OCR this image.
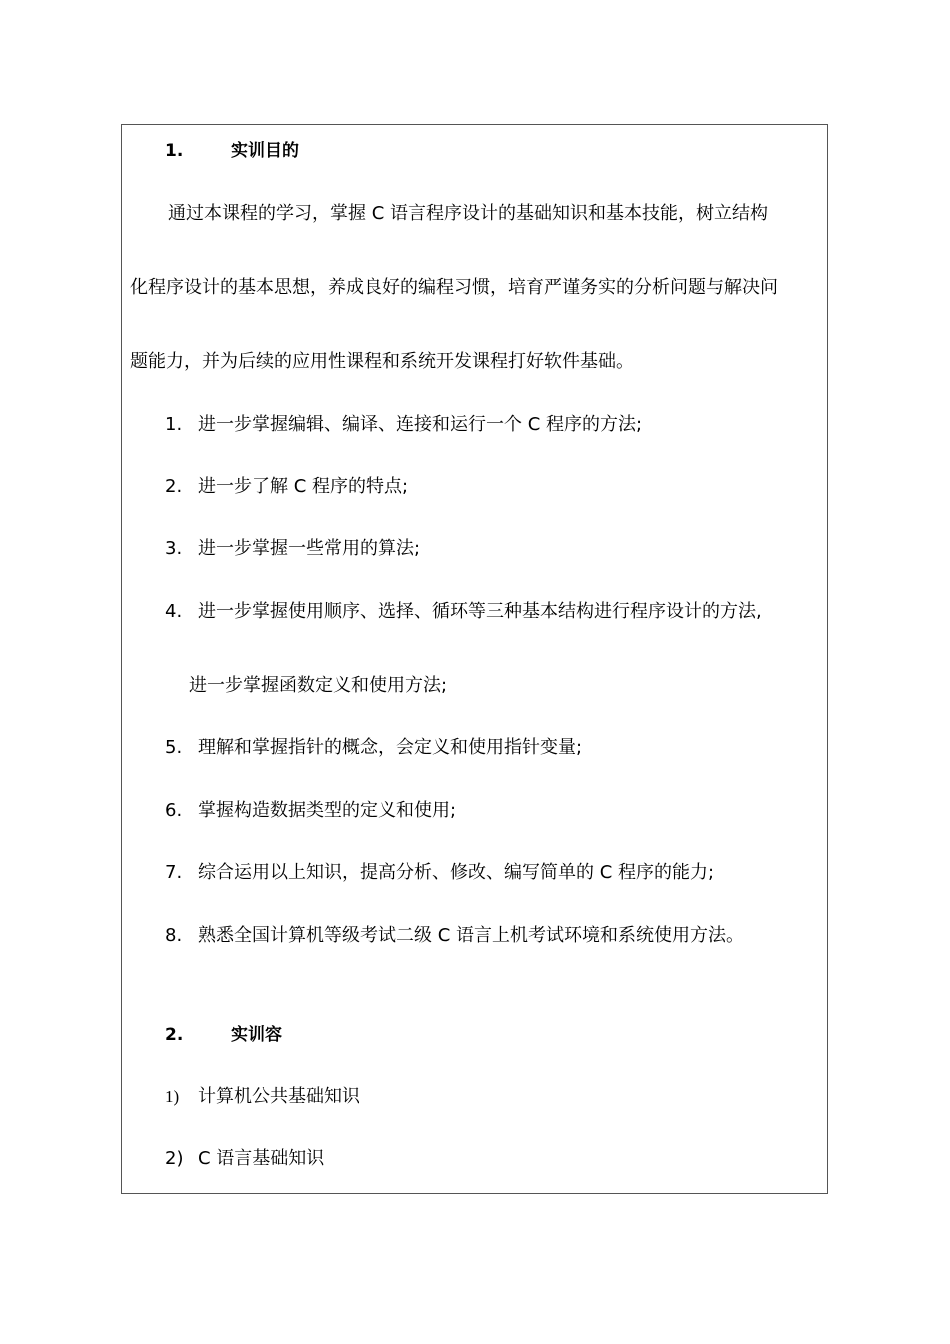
1.	实训目的
通过本课程的学习，掌握 C 语言程序设计的基础知识和基本技能，树立结构
化程序设计的基本思想，养成良好的编程习惯，培育严谨务实的分析问题与解决问
题能力，并为后续的应用性课程和系统开发课程打好软件基础。
1. 进一步掌握编辑、编译、连接和运行一个 C 程序的方法;
2. 进一步了解 C 程序的特点;
3. 进一步掌握一些常用的算法;
4. 进一步掌握使用顺序、选择、循环等三种基本结构进行程序设计的方法,
进一步掌握函数定义和使用方法;
5. 理解和掌握指针的概念，会定义和使用指针变量;
6. 掌握构造数据类型的定义和使用;
7. 综合运用以上知识，提高分析、修改、编写简单的 C 程序的能力;
8. 熟悉全国计算机等级考试二级 C 语言上机考试环境和系统使用方法。
2.	实训容
1) 计算机公共基础知识
2) C 语言基础知识
